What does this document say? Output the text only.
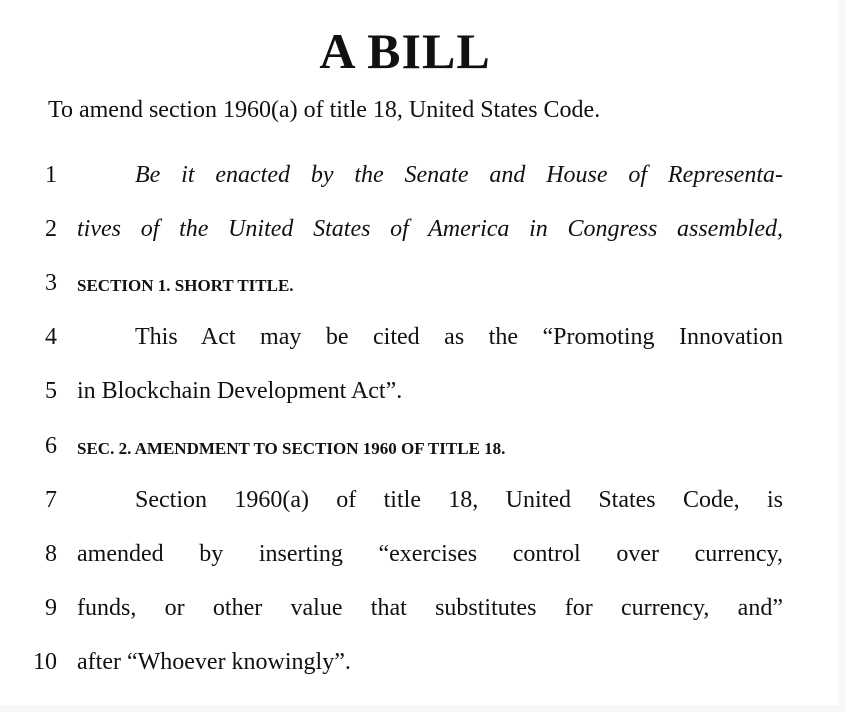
A BILL
To amend section 1960(a) of title 18, United States Code.
1	Be it enacted by the Senate and House of Representa-
2 tives of the United States of America in Congress assembled,
3 SECTION 1. SHORT TITLE.
4	This Act may be cited as the “Promoting Innovation
5 in Blockchain Development Act”.
6 SEC. 2. AMENDMENT TO SECTION 1960 OF TITLE 18.
7	Section 1960(a) of title 18, United States Code, is
8 amended by inserting “exercises control over currency,
9 funds, or other value that substitutes for currency, and”
10 after “Whoever knowingly”.
